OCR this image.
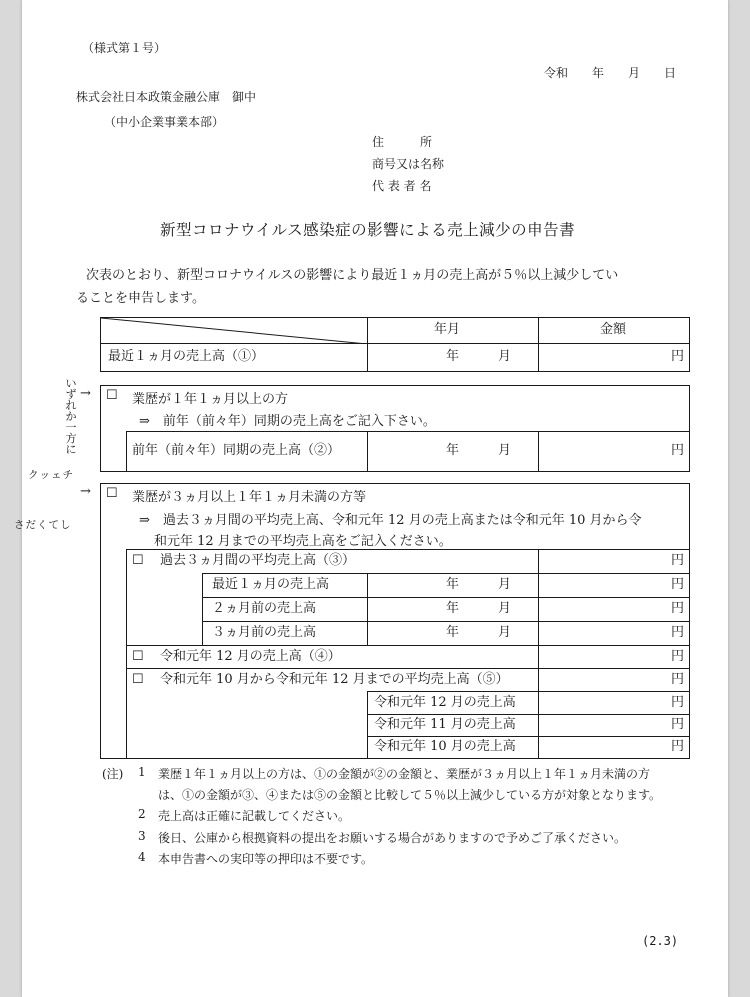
（様式第１号）
令和　　年　　月　　日
株式会社日本政策金融公庫　御中
（中小企業事業本部）
住　　　所
商号又は名称
代 表 者 名
新型コロナウイルス感染症の影響による売上減少の申告書
次表のとおり、新型コロナウイルスの影響により最近１ヵ月の売上高が５％以上減少してい
ることを申告します。
年月	金額
最近１ヵ月の売上高（①）	年　　　月	円
いずれか一方に
クッェチ
さだくてし
→ ☐ 業歴が１年１ヵ月以上の方
⇒　前年（前々年）同期の売上高をご記入下さい。
前年（前々年）同期の売上高（②）	年　　　月	円
→ ☐ 業歴が３ヵ月以上１年１ヵ月未満の方等
⇒　過去３ヵ月間の平均売上高、令和元年 12 月の売上高または令和元年 10 月から令
和元年 12 月までの平均売上高をご記入ください。
☐ 過去３ヵ月間の平均売上高（③）	円
最近１ヵ月の売上高	年　　　月	円
２ヵ月前の売上高	年　　　月	円
３ヵ月前の売上高	年　　　月	円
☐ 令和元年 12 月の売上高（④）	円
☐ 令和元年 10 月から令和元年 12 月までの平均売上高（⑤）	円
令和元年 12 月の売上高	円
令和元年 11 月の売上高	円
令和元年 10 月の売上高	円
(注) 1 業歴１年１ヵ月以上の方は、①の金額が②の金額と、業歴が３ヵ月以上１年１ヵ月未満の方
は、①の金額が③、④または⑤の金額と比較して５％以上減少している方が対象となります。
2 売上高は正確に記載してください。
3 後日、公庫から根拠資料の提出をお願いする場合がありますので予めご了承ください。
4 本申告書への実印等の押印は不要です。
(2.3)
